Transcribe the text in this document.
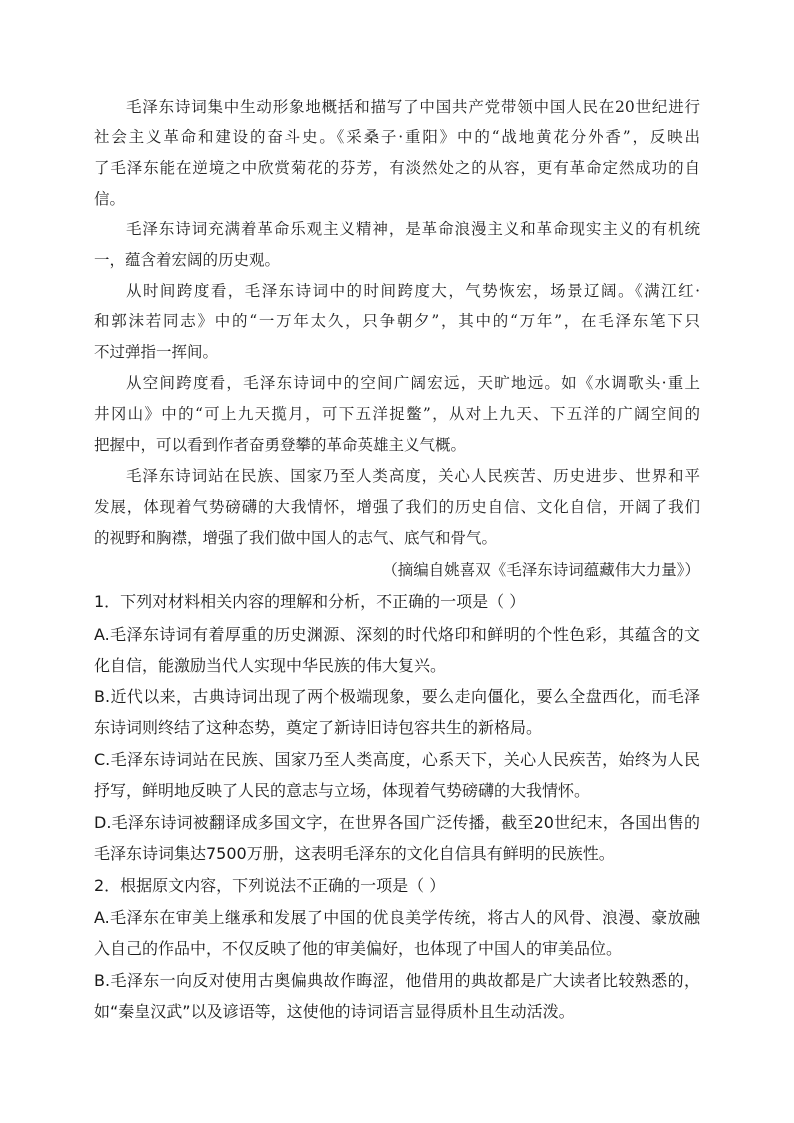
毛泽东诗词集中生动形象地概括和描写了中国共产党带领中国人民在20世纪进行
社会主义革命和建设的奋斗史。《采桑子·重阳》中的“战地黄花分外香”，反映出
了毛泽东能在逆境之中欣赏菊花的芬芳，有淡然处之的从容，更有革命定然成功的自
信。
毛泽东诗词充满着革命乐观主义精神，是革命浪漫主义和革命现实主义的有机统
一，蕴含着宏阔的历史观。
从时间跨度看，毛泽东诗词中的时间跨度大，气势恢宏，场景辽阔。《满江红·
和郭沫若同志》中的“一万年太久，只争朝夕”，其中的“万年”，在毛泽东笔下只
不过弹指一挥间。
从空间跨度看，毛泽东诗词中的空间广阔宏远，天旷地远。如《水调歌头·重上
井冈山》中的“可上九天揽月，可下五洋捉鳖”，从对上九天、下五洋的广阔空间的
把握中，可以看到作者奋勇登攀的革命英雄主义气概。
毛泽东诗词站在民族、国家乃至人类高度，关心人民疾苦、历史进步、世界和平
发展，体现着气势磅礴的大我情怀，增强了我们的历史自信、文化自信，开阔了我们
的视野和胸襟，增强了我们做中国人的志气、底气和骨气。
（摘编自姚喜双《毛泽东诗词蕴藏伟大力量》）
1．下列对材料相关内容的理解和分析，不正确的一项是（ ）
A.毛泽东诗词有着厚重的历史渊源、深刻的时代烙印和鲜明的个性色彩，其蕴含的文
化自信，能激励当代人实现中华民族的伟大复兴。
B.近代以来，古典诗词出现了两个极端现象，要么走向僵化，要么全盘西化，而毛泽
东诗词则终结了这种态势，奠定了新诗旧诗包容共生的新格局。
C.毛泽东诗词站在民族、国家乃至人类高度，心系天下，关心人民疾苦，始终为人民
抒写，鲜明地反映了人民的意志与立场，体现着气势磅礴的大我情怀。
D.毛泽东诗词被翻译成多国文字，在世界各国广泛传播，截至20世纪末，各国出售的
毛泽东诗词集达7500万册，这表明毛泽东的文化自信具有鲜明的民族性。
2．根据原文内容，下列说法不正确的一项是（ ）
A.毛泽东在审美上继承和发展了中国的优良美学传统，将古人的风骨、浪漫、豪放融
入自己的作品中，不仅反映了他的审美偏好，也体现了中国人的审美品位。
B.毛泽东一向反对使用古奥偏典故作晦涩，他借用的典故都是广大读者比较熟悉的，
如“秦皇汉武”以及谚语等，这使他的诗词语言显得质朴且生动活泼。
